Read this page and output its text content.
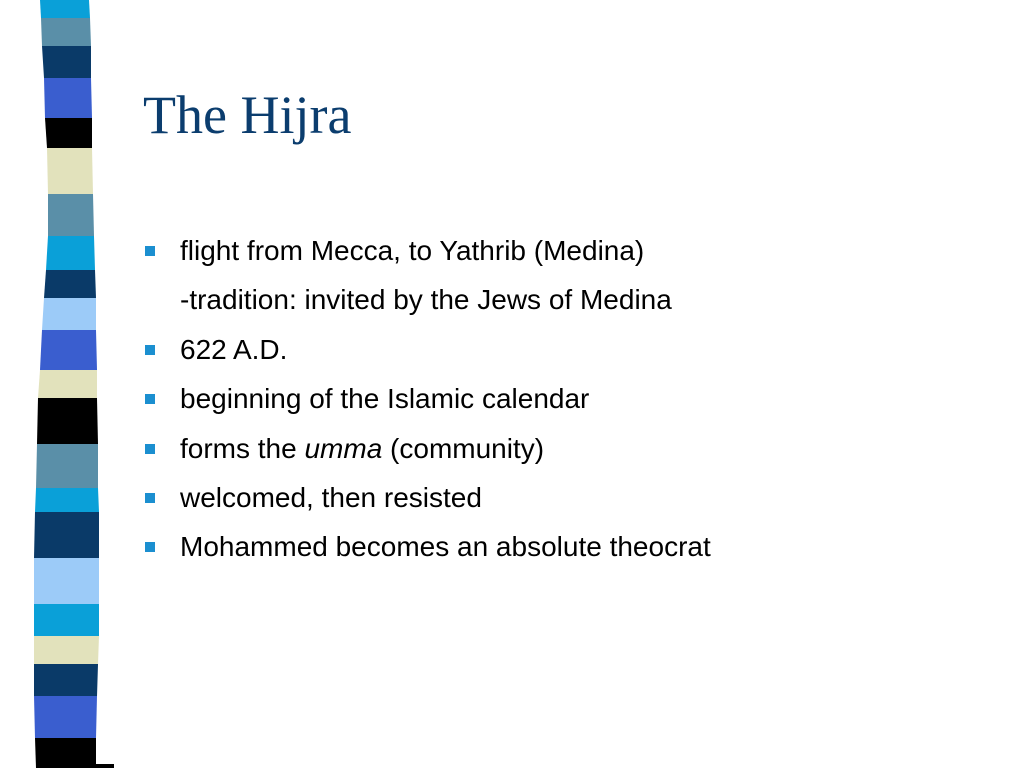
The Hijra
flight from Mecca, to Yathrib (Medina)
-tradition: invited by the Jews of Medina
622 A.D.
beginning of the Islamic calendar
forms the umma (community)
welcomed, then resisted
Mohammed becomes an absolute theocrat
